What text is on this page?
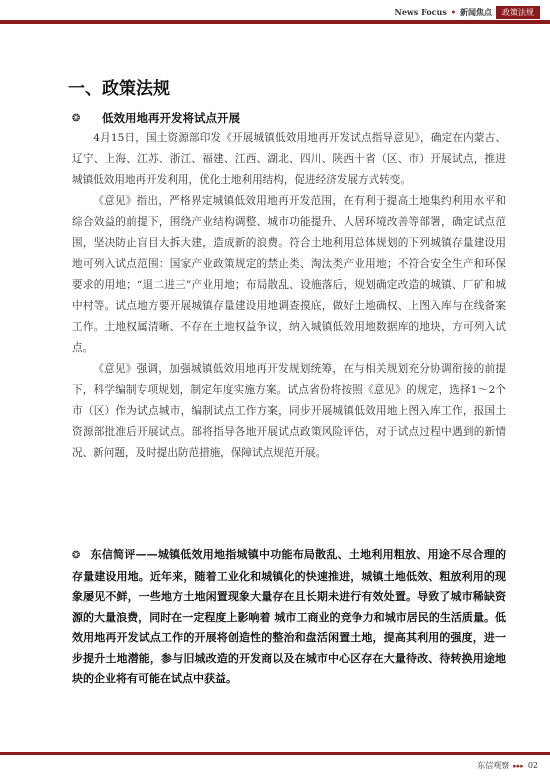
News Focus • 新闻焦点	政策法规
一、政策法规
❂	低效用地再开发将试点开展

4月15日，国土资源部印发《开展城镇低效用地再开发试点指导意见》，确定在内蒙古、辽宁、上海、江苏、浙江、福建、江西、湖北、四川、陕西十省（区、市）开展试点，推进城镇低效用地再开发利用，优化土地利用结构，促进经济发展方式转变。

《意见》指出，严格界定城镇低效用地再开发范围，在有利于提高土地集约利用水平和综合效益的前提下，围绕产业结构调整、城市功能提升、人居环境改善等部署，确定试点范围，坚决防止盲目大拆大建，造成新的浪费。符合土地利用总体规划的下列城镇存量建设用地可列入试点范围：国家产业政策规定的禁止类、淘汰类产业用地；不符合安全生产和环保要求的用地；“退二进三”产业用地；布局散乱、设施落后，规划确定改造的城镇、厂矿和城中村等。试点地方要开展城镇存量建设用地调查摸底，做好土地确权、上图入库与在线备案工作。土地权属清晰、不存在土地权益争议，纳入城镇低效用地数据库的地块，方可列入试点。

《意见》强调，加强城镇低效用地再开发规划统筹，在与相关规划充分协调衔接的前提下，科学编制专项规划，制定年度实施方案。试点省份将按照《意见》的规定，选择1～2个市（区）作为试点城市，编制试点工作方案，同步开展城镇低效用地上图入库工作，报国土资源部批准后开展试点。部将指导各地开展试点政策风险评估，对于试点过程中遇到的新情况、新问题，及时提出防范措施，保障试点规范开展。

❂ 东信简评——城镇低效用地指城镇中功能布局散乱、土地利用粗放、用途不尽合理的存量建设用地。近年来，随着工业化和城镇化的快速推进，城镇土地低效、粗放利用的现象屡见不鲜，一些地方土地闲置现象大量存在且长期未进行有效处置。导致了城市稀缺资源的大量浪费，同时在一定程度上影响着 城市工商业的竞争力和城市居民的生活质量。低效用地再开发试点工作的开展将创造性的整治和盘活闲置土地，提高其利用的强度，进一步提升土地潜能，参与旧城改造的开发商以及在城市中心区存在大量待改、待转换用途地块的企业将有可能在试点中获益。
东信观察 ▸▸▸ 02
